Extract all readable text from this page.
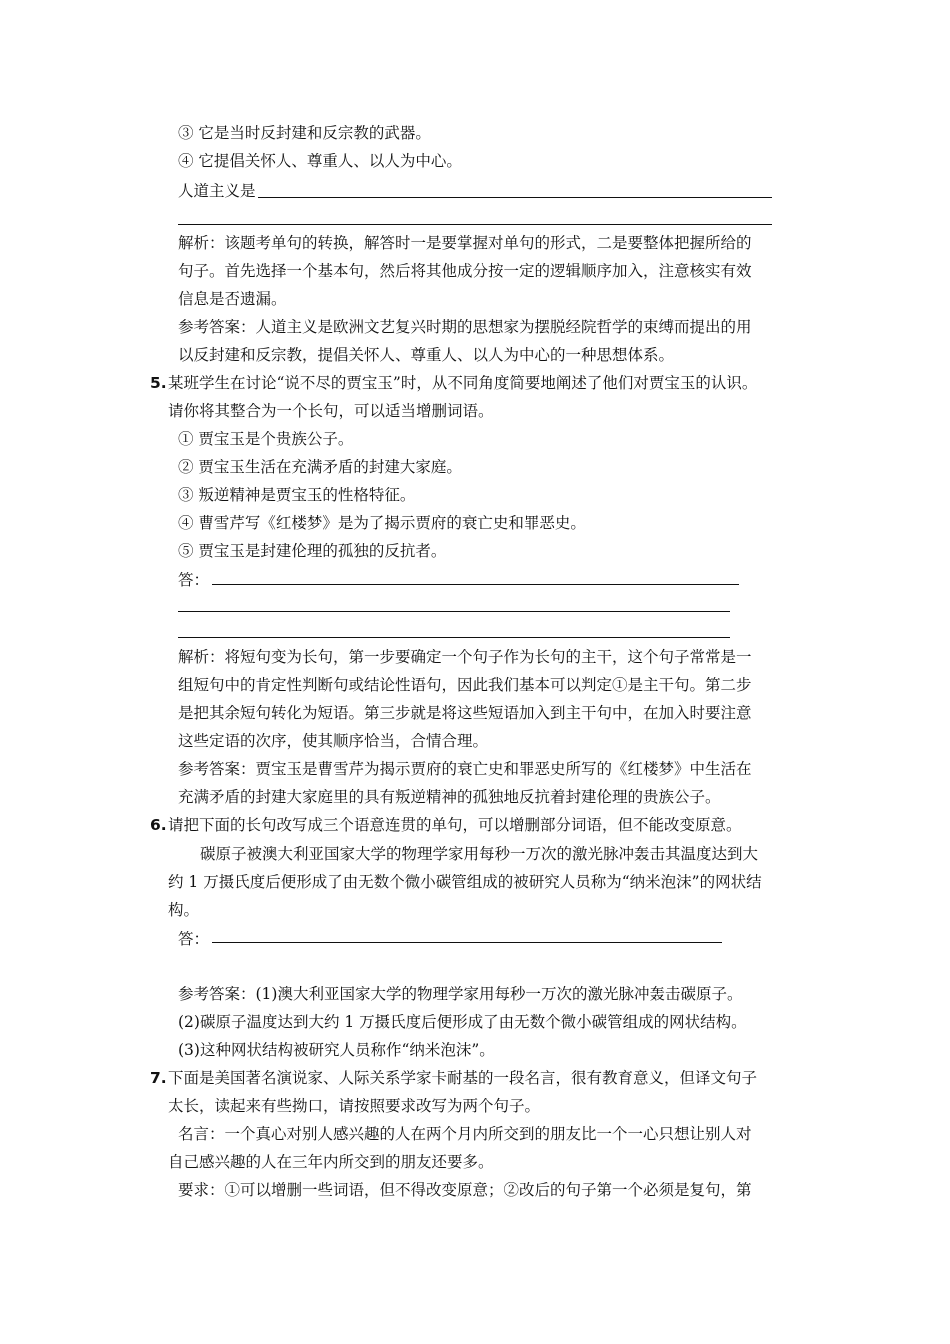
③ 它是当时反封建和反宗教的武器。
④ 它提倡关怀人、尊重人、以人为中心。
人道主义是
解析：该题考单句的转换，解答时一是要掌握对单句的形式，二是要整体把握所给的
句子。首先选择一个基本句，然后将其他成分按一定的逻辑顺序加入，注意核实有效
信息是否遗漏。
参考答案：人道主义是欧洲文艺复兴时期的思想家为摆脱经院哲学的束缚而提出的用
以反封建和反宗教，提倡关怀人、尊重人、以人为中心的一种思想体系。
5. 某班学生在讨论“说不尽的贾宝玉”时，从不同角度简要地阐述了他们对贾宝玉的认识。
请你将其整合为一个长句，可以适当增删词语。
① 贾宝玉是个贵族公子。
② 贾宝玉生活在充满矛盾的封建大家庭。
③ 叛逆精神是贾宝玉的性格特征。
④ 曹雪芹写《红楼梦》是为了揭示贾府的衰亡史和罪恶史。
⑤ 贾宝玉是封建伦理的孤独的反抗者。
答：
解析：将短句变为长句，第一步要确定一个句子作为长句的主干，这个句子常常是一
组短句中的肯定性判断句或结论性语句，因此我们基本可以判定①是主干句。第二步
是把其余短句转化为短语。第三步就是将这些短语加入到主干句中，在加入时要注意
这些定语的次序，使其顺序恰当，合情合理。
参考答案：贾宝玉是曹雪芹为揭示贾府的衰亡史和罪恶史所写的《红楼梦》中生活在
充满矛盾的封建大家庭里的具有叛逆精神的孤独地反抗着封建伦理的贵族公子。
6. 请把下面的长句改写成三个语意连贯的单句，可以增删部分词语，但不能改变原意。
碳原子被澳大利亚国家大学的物理学家用每秒一万次的激光脉冲轰击其温度达到大
约 1 万摄氏度后便形成了由无数个微小碳管组成的被研究人员称为“纳米泡沫”的网状结
构。
答：
参考答案：(1)澳大利亚国家大学的物理学家用每秒一万次的激光脉冲轰击碳原子。
(2)碳原子温度达到大约 1 万摄氏度后便形成了由无数个微小碳管组成的网状结构。
(3)这种网状结构被研究人员称作“纳米泡沫”。
7. 下面是美国著名演说家、人际关系学家卡耐基的一段名言，很有教育意义，但译文句子
太长，读起来有些拗口，请按照要求改写为两个句子。
名言：一个真心对别人感兴趣的人在两个月内所交到的朋友比一个一心只想让别人对
自己感兴趣的人在三年内所交到的朋友还要多。
要求：①可以增删一些词语，但不得改变原意；②改后的句子第一个必须是复句，第
